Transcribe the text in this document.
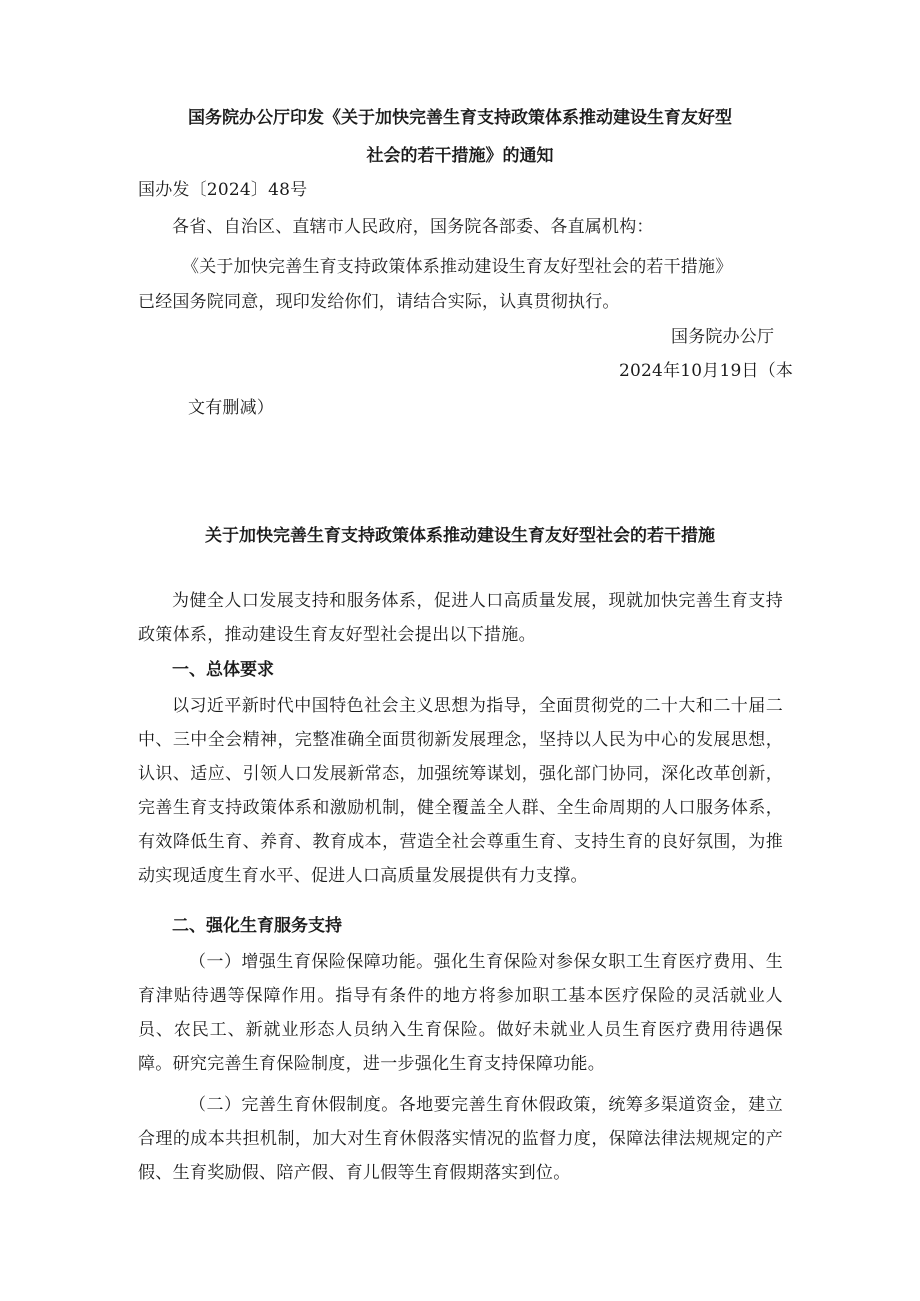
国务院办公厅印发《关于加快完善生育支持政策体系推动建设生育友好型

社会的若干措施》的通知

国办发〔2024〕48号

各省、自治区、直辖市人民政府，国务院各部委、各直属机构：

《关于加快完善生育支持政策体系推动建设生育友好型社会的若干措施》

已经国务院同意，现印发给你们，请结合实际，认真贯彻执行。

国务院办公厅

2024年10月19日（本

文有删减）

关于加快完善生育支持政策体系推动建设生育友好型社会的若干措施

为健全人口发展支持和服务体系，促进人口高质量发展，现就加快完善生育支持政策体系，推动建设生育友好型社会提出以下措施。

一、总体要求

以习近平新时代中国特色社会主义思想为指导，全面贯彻党的二十大和二十届二中、三中全会精神，完整准确全面贯彻新发展理念，坚持以人民为中心的发展思想，认识、适应、引领人口发展新常态，加强统筹谋划，强化部门协同，深化改革创新，完善生育支持政策体系和激励机制，健全覆盖全人群、全生命周期的人口服务体系，有效降低生育、养育、教育成本，营造全社会尊重生育、支持生育的良好氛围，为推动实现适度生育水平、促进人口高质量发展提供有力支撑。

二、强化生育服务支持

（一）增强生育保险保障功能。强化生育保险对参保女职工生育医疗费用、生育津贴待遇等保障作用。指导有条件的地方将参加职工基本医疗保险的灵活就业人员、农民工、新就业形态人员纳入生育保险。做好未就业人员生育医疗费用待遇保障。研究完善生育保险制度，进一步强化生育支持保障功能。

（二）完善生育休假制度。各地要完善生育休假政策，统筹多渠道资金，建立合理的成本共担机制，加大对生育休假落实情况的监督力度，保障法律法规规定的产假、生育奖励假、陪产假、育儿假等生育假期落实到位。
